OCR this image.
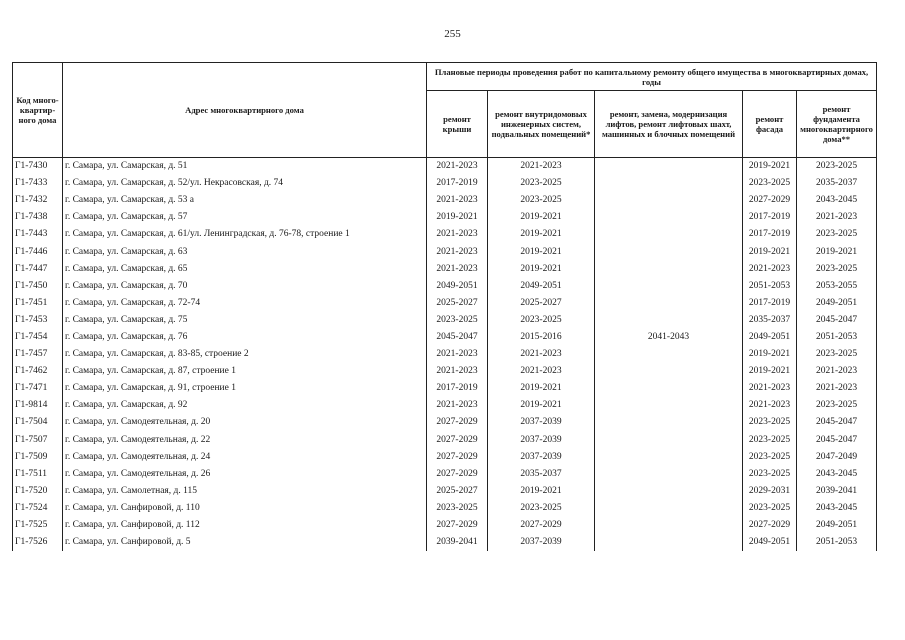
255
Код много-квартир-ного дома	Адрес многоквартирного дома	Плановые периоды проведения работ по капитальному ремонту общего имущества в многоквартирных домах, годы				
		ремонт крыши	ремонт внутридомовых инженерных систем, подвальных помещений*	ремонт, замена, модернизация лифтов, ремонт лифтовых шахт, машинных и блочных помещений	ремонт фасада	ремонт фундамента многоквартирного дома**
Г1-7430	г. Самара, ул. Самарская, д. 51	2021-2023	2021-2023		2019-2021	2023-2025
Г1-7433	г. Самара, ул. Самарская, д. 52/ул. Некрасовская, д. 74	2017-2019	2023-2025		2023-2025	2035-2037
Г1-7432	г. Самара, ул. Самарская, д. 53 а	2021-2023	2023-2025		2027-2029	2043-2045
Г1-7438	г. Самара, ул. Самарская, д. 57	2019-2021	2019-2021		2017-2019	2021-2023
Г1-7443	г. Самара, ул. Самарская, д. 61/ул. Ленинградская, д. 76-78, строение 1	2021-2023	2019-2021		2017-2019	2023-2025
Г1-7446	г. Самара, ул. Самарская, д. 63	2021-2023	2019-2021		2019-2021	2019-2021
Г1-7447	г. Самара, ул. Самарская, д. 65	2021-2023	2019-2021		2021-2023	2023-2025
Г1-7450	г. Самара, ул. Самарская, д. 70	2049-2051	2049-2051		2051-2053	2053-2055
Г1-7451	г. Самара, ул. Самарская, д. 72-74	2025-2027	2025-2027		2017-2019	2049-2051
Г1-7453	г. Самара, ул. Самарская, д. 75	2023-2025	2023-2025		2035-2037	2045-2047
Г1-7454	г. Самара, ул. Самарская, д. 76	2045-2047	2015-2016	2041-2043	2049-2051	2051-2053
Г1-7457	г. Самара, ул. Самарская, д. 83-85, строение 2	2021-2023	2021-2023		2019-2021	2023-2025
Г1-7462	г. Самара, ул. Самарская, д. 87, строение 1	2021-2023	2021-2023		2019-2021	2021-2023
Г1-7471	г. Самара, ул. Самарская, д. 91, строение 1	2017-2019	2019-2021		2021-2023	2021-2023
Г1-9814	г. Самара, ул. Самарская, д. 92	2021-2023	2019-2021		2021-2023	2023-2025
Г1-7504	г. Самара, ул. Самодеятельная, д. 20	2027-2029	2037-2039		2023-2025	2045-2047
Г1-7507	г. Самара, ул. Самодеятельная, д. 22	2027-2029	2037-2039		2023-2025	2045-2047
Г1-7509	г. Самара, ул. Самодеятельная, д. 24	2027-2029	2037-2039		2023-2025	2047-2049
Г1-7511	г. Самара, ул. Самодеятельная, д. 26	2027-2029	2035-2037		2023-2025	2043-2045
Г1-7520	г. Самара, ул. Самолетная, д. 115	2025-2027	2019-2021		2029-2031	2039-2041
Г1-7524	г. Самара, ул. Санфировой, д. 110	2023-2025	2023-2025		2023-2025	2043-2045
Г1-7525	г. Самара, ул. Санфировой, д. 112	2027-2029	2027-2029		2027-2029	2049-2051
Г1-7526	г. Самара, ул. Санфировой, д. 5	2039-2041	2037-2039		2049-2051	2051-2053
